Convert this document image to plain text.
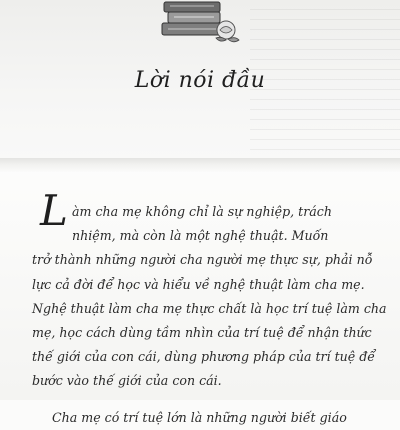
Lời nói đầu
L àm cha mẹ không chỉ là sự nghiệp, trách
nhiệm, mà còn là một nghệ thuật. Muốn
trở thành những người cha người mẹ thực sự, phải nỗ
lực cả đời để học và hiểu về nghệ thuật làm cha mẹ.
Nghệ thuật làm cha mẹ thực chất là học trí tuệ làm cha
mẹ, học cách dùng tầm nhìn của trí tuệ để nhận thức
thế giới của con cái, dùng phương pháp của trí tuệ để
bước vào thế giới của con cái.
Cha mẹ có trí tuệ lớn là những người biết giáo
